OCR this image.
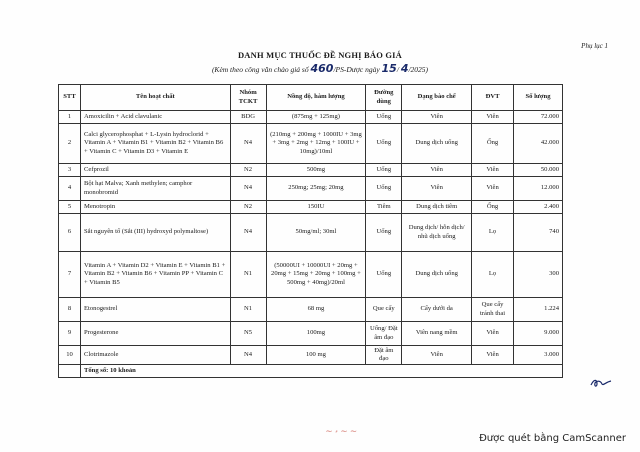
Phụ lục 1
DANH MỤC THUỐC ĐỀ NGHỊ BÁO GIÁ
(Kèm theo công văn chào giá số 460/PS-Dược ngày 15/ 4/2025)
STT	Tên hoạt chất	Nhóm TCKT	Nồng độ, hàm lượng	Đường dùng	Dạng bào chế	ĐVT	Số lượng
1	Amoxicilin + Acid clavulanic	BDG	(875mg + 125mg)	Uống	Viên	Viên	72.000
2	Calci glycerophosphat + L-Lysin hydroclorid + Vitamin A + Vitamin B1 + Vitamin B2 + Vitamin B6 + Vitamin C + Vitamin D3 + Vitamin E	N4	(210mg + 200mg + 1000IU + 3mg + 3mg + 2mg + 12mg + 100IU + 10mg)/10ml	Uống	Dung dịch uống	Ống	42.000
3	Cefprozil	N2	500mg	Uống	Viên	Viên	50.000
4	Bột hạt Malva; Xanh methylen; camphor monobromid	N4	250mg; 25mg; 20mg	Uống	Viên	Viên	12.000
5	Menotropin	N2	150IU	Tiêm	Dung dịch tiêm	Ống	2.400
6	Sắt nguyên tố (Sắt (III) hydroxyd polymaltose)	N4	50mg/ml; 30ml	Uống	Dung dịch/ hỗn dịch/ nhũ dịch uống	Lọ	740
7	Vitamin A + Vitamin D2 + Vitamin E + Vitamin B1 + Vitamin B2 + Vitamin B6 + Vitamin PP + Vitamin C + Vitamin B5	N1	(50000UI + 10000UI + 20mg + 20mg + 15mg + 20mg + 100mg + 500mg + 40mg)/20ml	Uống	Dung dịch uống	Lọ	300
8	Etonogestrel	N1	68 mg	Que cấy	Cấy dưới da	Que cấy tránh thai	1.224
9	Progesterone	N5	100mg	Uống/ Đặt âm đạo	Viên nang mềm	Viên	9.000
10	Clotrimazole	N4	100 mg	Đặt âm đạo	Viên	Viên	3.000
	Tổng số: 10 khoản						
⁓ ⸗ ⁓ ⁓
Được quét bằng CamScanner
